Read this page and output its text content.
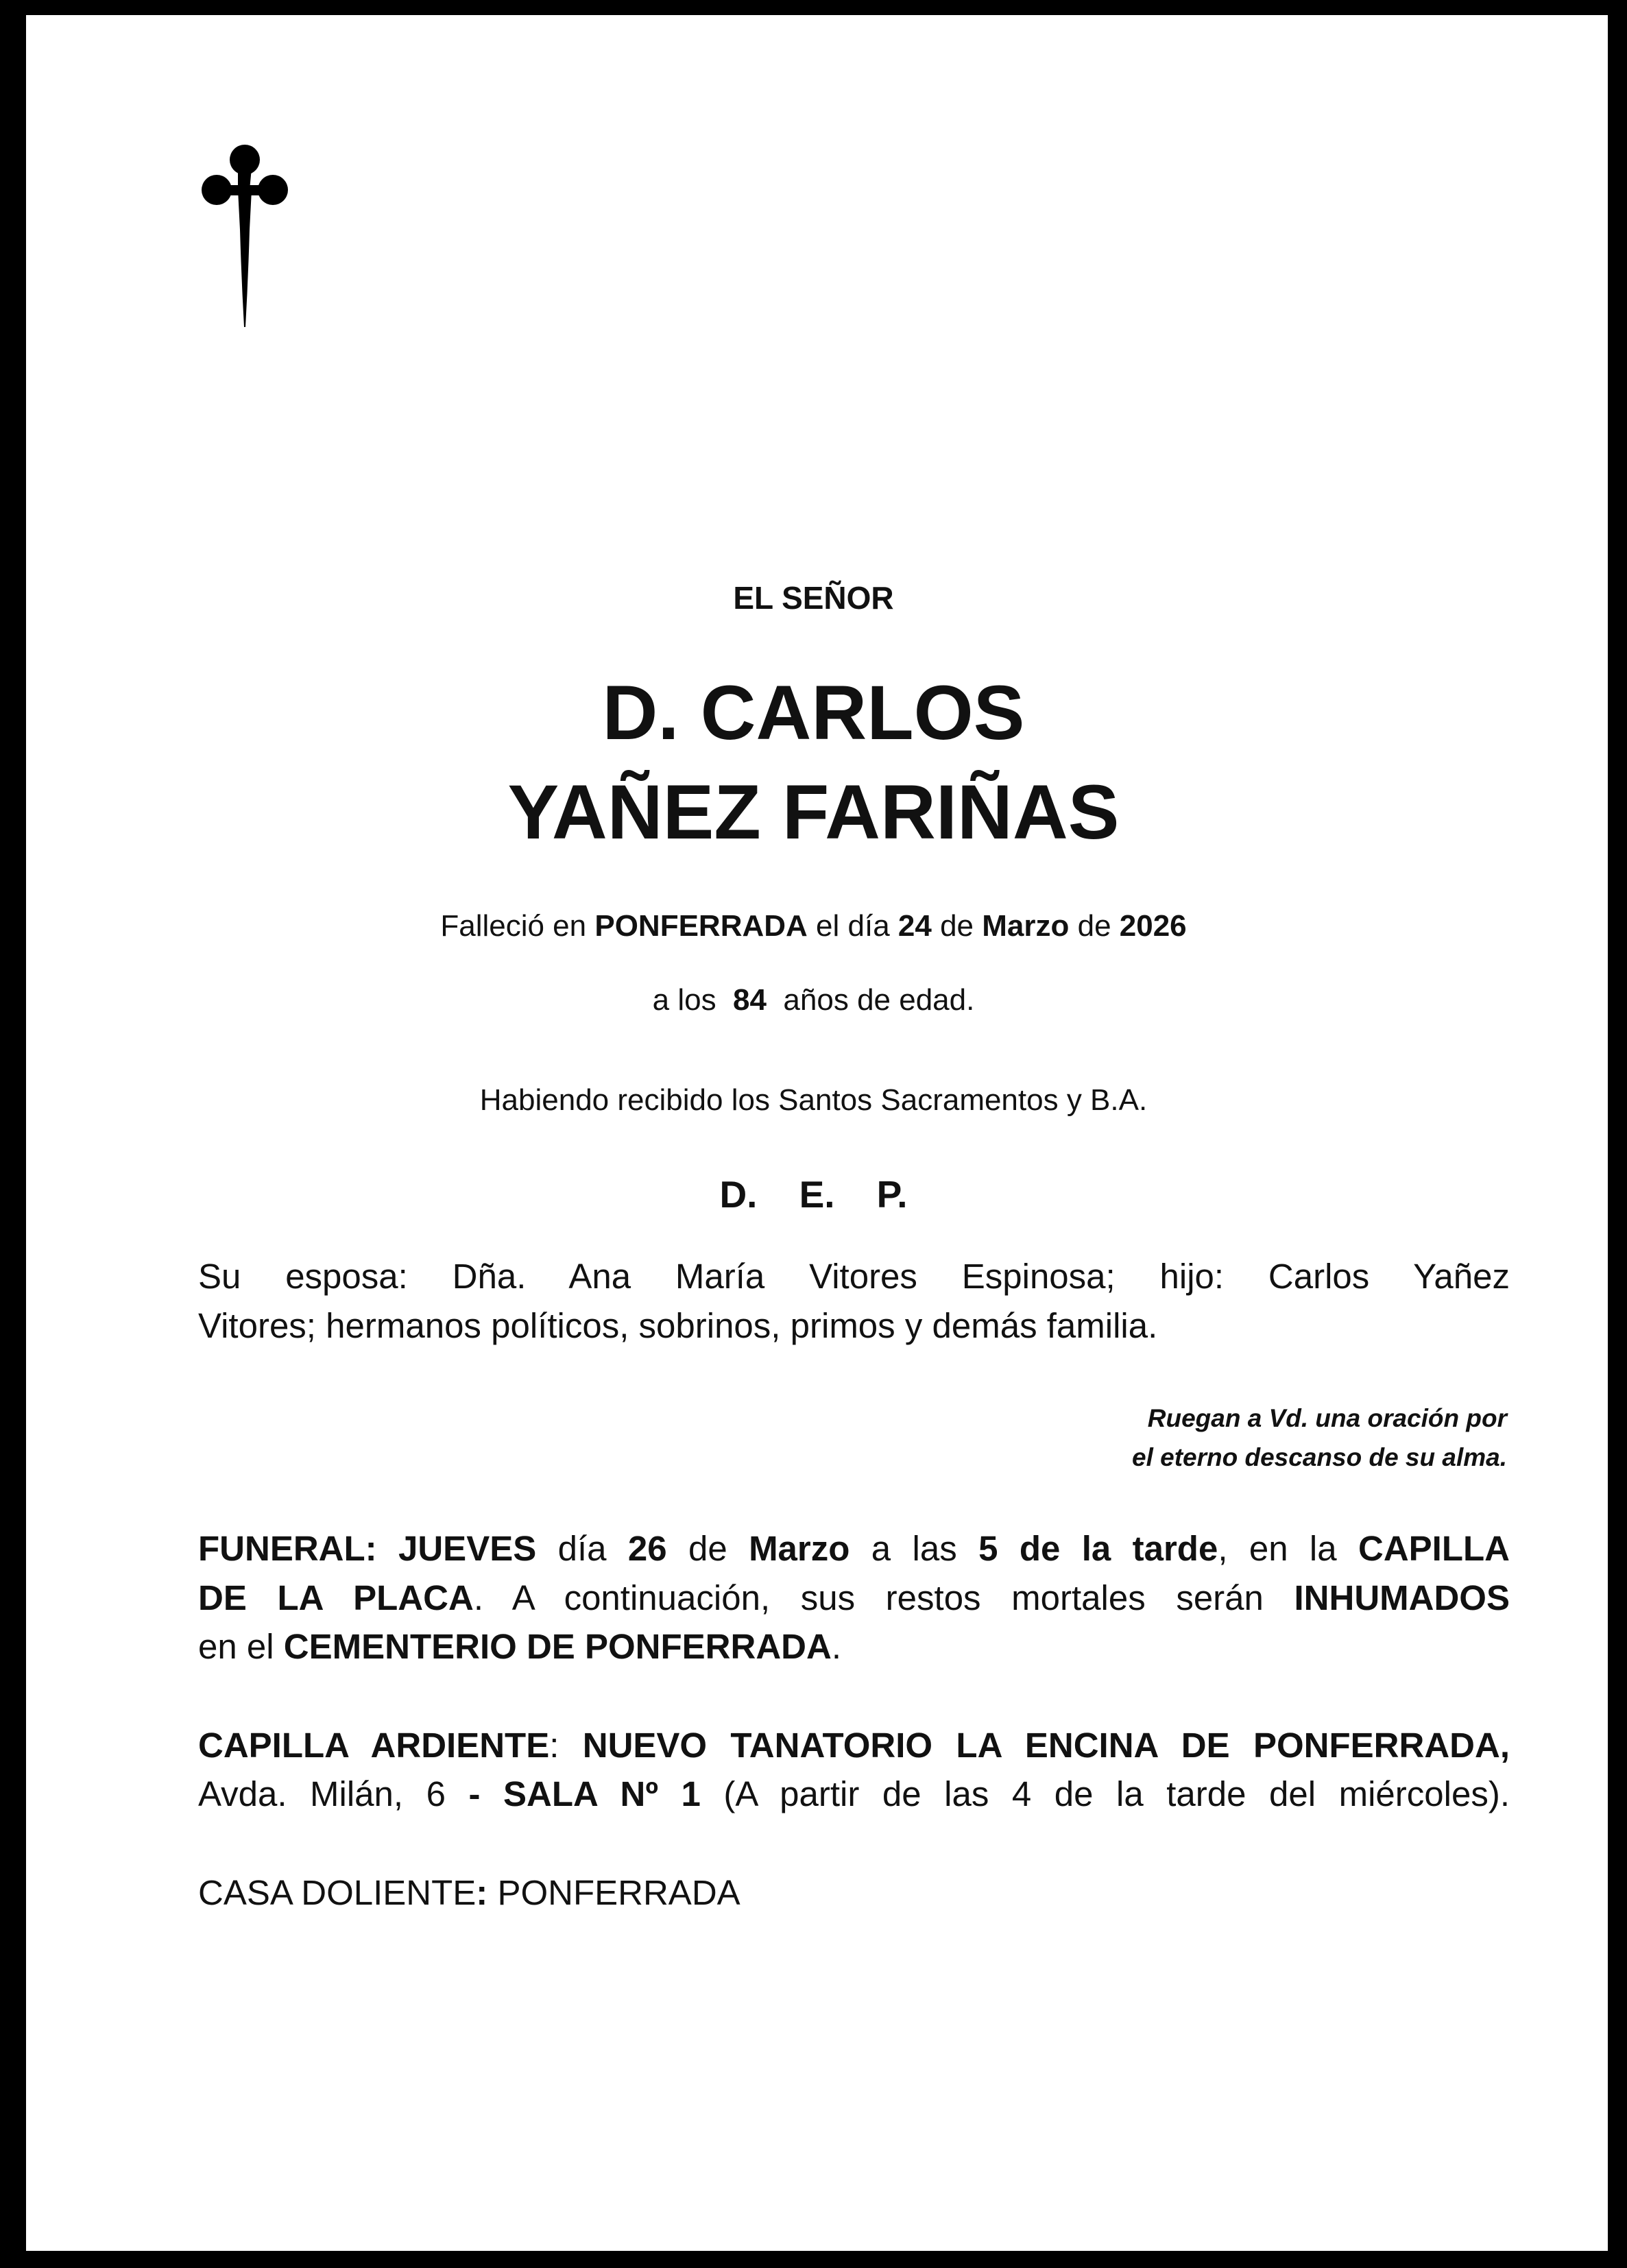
EL SEÑOR
D. CARLOS
YAÑEZ FARIÑAS
Falleció en PONFERRADA el día 24 de Marzo de 2026
a los  84  años de edad.
Habiendo recibido los Santos Sacramentos y B.A.
D.    E.    P.
Su esposa: Dña. Ana María Vitores Espinosa; hijo: Carlos Yañez
Vitores; hermanos políticos, sobrinos, primos y demás familia.
Ruegan a Vd. una oración por
el eterno descanso de su alma.
FUNERAL: JUEVES día 26 de Marzo a las 5 de la tarde, en la CAPILLA
DE LA PLACA. A continuación, sus restos mortales serán INHUMADOS
en el CEMENTERIO DE PONFERRADA.
CAPILLA ARDIENTE: NUEVO TANATORIO LA ENCINA DE PONFERRADA,
Avda. Milán, 6 - SALA Nº 1 (A partir de las 4 de la tarde del miércoles).
CASA DOLIENTE: PONFERRADA
